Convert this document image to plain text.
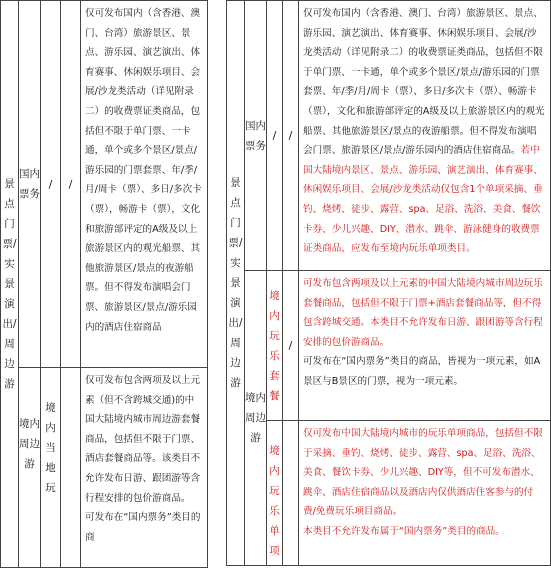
景点门票/实景演出/周边游	国内票务	/	/	仅可发布国内（含香港、澳门、台湾）旅游景区、景点、游乐园、演艺演出、体育赛事、休闲娱乐项目、会展/沙龙类活动（详见附录二）的收费票证类商品，包括但不限于单门票、一卡通，单个或多个景区/景点/游乐园的门票套票、年/季/月/周卡（票）、多日/多次卡（票），畅游卡（票），文化和旅游部评定的A级及以上旅游景区内的观光船票、其他旅游景区/景点的夜游船票。但不得发布演唱会门票、旅游景区/景点/游乐园内的酒店住宿商品
	境内周边游	境内当地玩		仅可发布包含两项及以上元素（但不含跨城交通)的中国大陆境内城市周边游套餐商品，包括但不限于门票、酒店套餐商品等。该类目不允许发布日游、跟团游等含行程安排的包价游商品。
可发布在“国内票务”类目的商
景点门票/实景演出/周边游	国内票务	/	/	仅可发布国内（含香港、澳门、台湾）旅游景区、景点、游乐园、演艺演出、体育赛事、休闲娱乐项目、会展/沙龙类活动（详见附录二）的收费票证类商品，包括但不限于单门票、一卡通，单个或多个景区/景点/游乐园的门票套票、年/季/月/周卡（票）、多日/多次卡（票）、畅游卡（票），文化和旅游部评定的A级及以上旅游景区内的观光船票、其他旅游景区/景点的夜游船票。但不得发布演唱会门票、旅游景区/景点/游乐园内的酒店住宿商品。若中国大陆境内景区、景点、游乐园、演艺演出、体育赛事、休闲娱乐项目、会展/沙龙类活动仅包含1个单项采摘、垂钓、烧烤、徒步、露营、spa、足浴、洗浴、美食、餐饮卡券、少儿兴趣、DIY、潜水、跳伞、游泳健身的收费票证类商品，应发布至境内玩乐单项类目。
	境内周边游	境内玩乐套餐	/	可发布包含两项及以上元素的中国大陆境内城市周边玩乐套餐商品，包括但不限于门票+酒店套餐商品等，但不得包含跨城交通。本类目不允许发布日游、跟团游等含行程安排的包价游商品。
可发布在“国内票务”类目的商品，皆视为一项元素，如A景区与B景区的门票，视为一项元素。

		境内玩乐单项		仅可发布中国大陆境内城市的玩乐单项商品，包括但不限于采摘、垂钓、烧烤、徒步、露营、spa、足浴、洗浴、美食、餐饮卡券、少儿兴趣、DIY等，但不可发布潜水、跳伞、酒店住宿商品以及酒店内仅供酒店住客参与的付费/免费玩乐项目商品。
本类目不允许发布属于“国内票务”类目的商品。
